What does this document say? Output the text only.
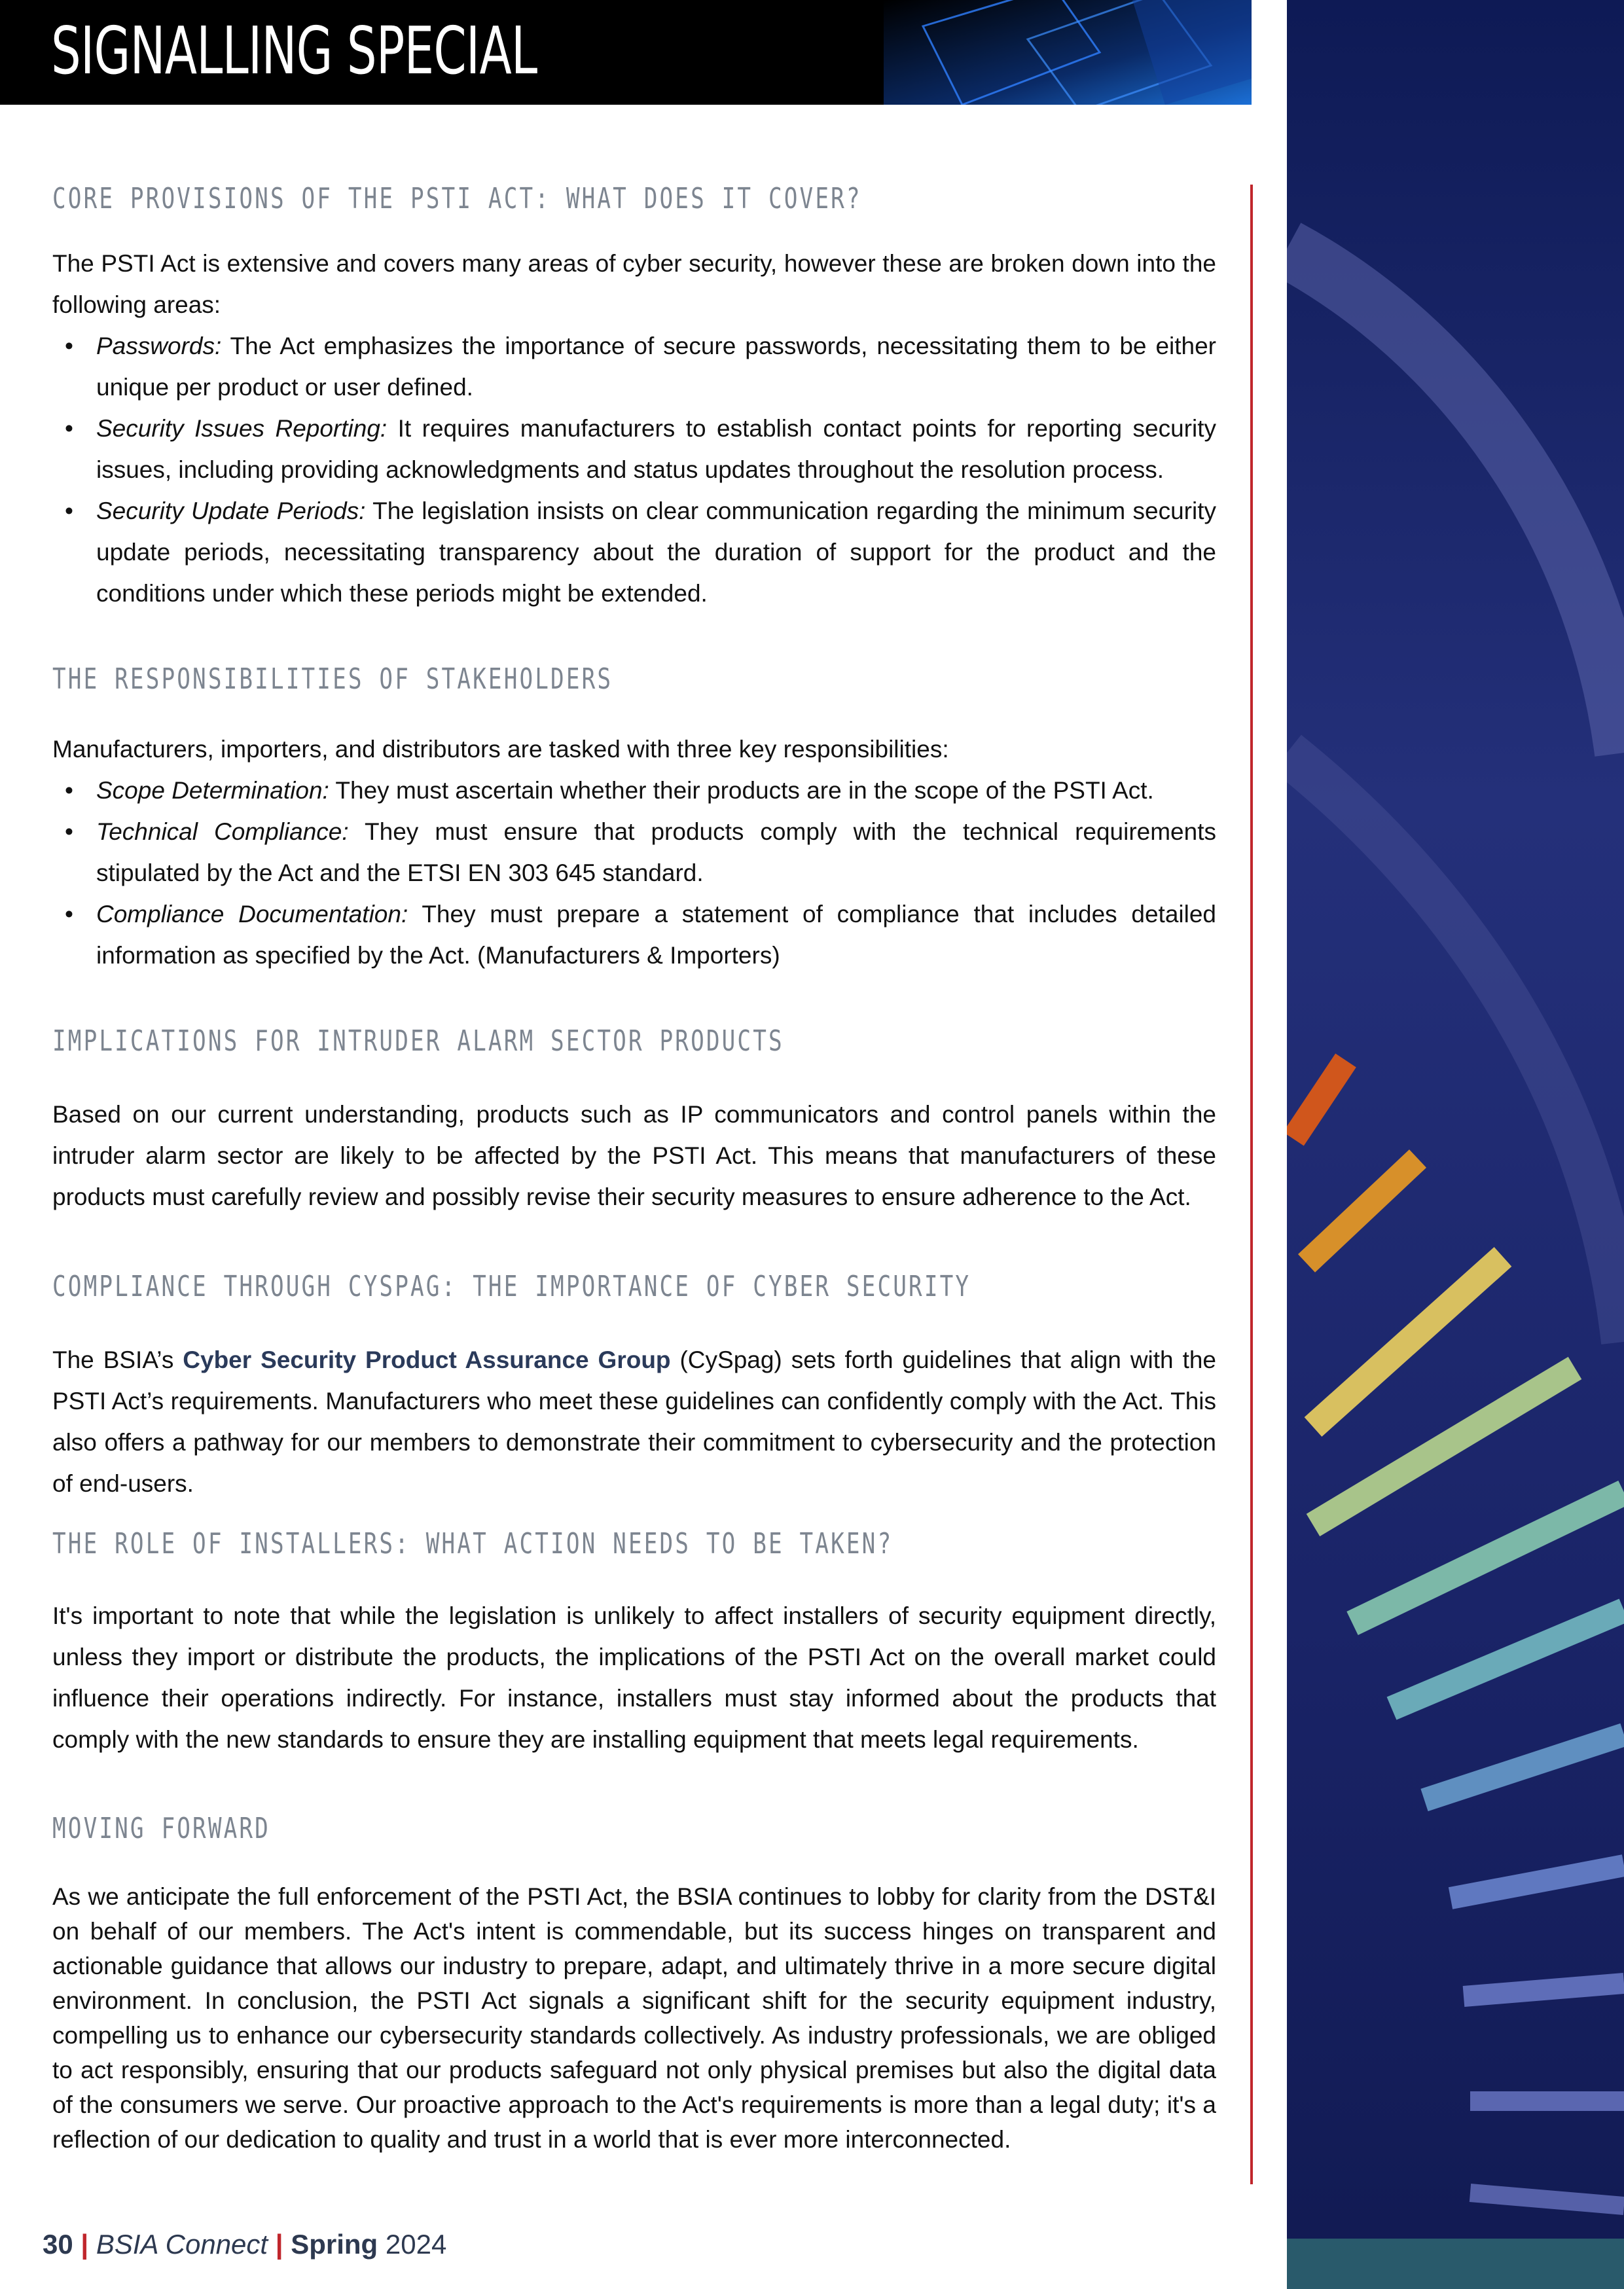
SIGNALLING SPECIAL
CORE PROVISIONS OF THE PSTI ACT: WHAT DOES IT COVER?

The PSTI Act is extensive and covers many areas of cyber security, however these are broken down into the following areas:

• Passwords: The Act emphasizes the importance of secure passwords, necessitating them to be either unique per product or user defined.
• Security Issues Reporting: It requires manufacturers to establish contact points for reporting security issues, including providing acknowledgments and status updates throughout the resolution process.
• Security Update Periods: The legislation insists on clear communication regarding the minimum security update periods, necessitating transparency about the duration of support for the product and the conditions under which these periods might be extended.
THE RESPONSIBILITIES OF STAKEHOLDERS

Manufacturers, importers, and distributors are tasked with three key responsibilities:

• Scope Determination: They must ascertain whether their products are in the scope of the PSTI Act.
• Technical Compliance: They must ensure that products comply with the technical requirements stipulated by the Act and the ETSI EN 303 645 standard.
• Compliance Documentation: They must prepare a statement of compliance that includes detailed information as specified by the Act. (Manufacturers & Importers)
IMPLICATIONS FOR INTRUDER ALARM SECTOR PRODUCTS

Based on our current understanding, products such as IP communicators and control panels within the intruder alarm sector are likely to be affected by the PSTI Act. This means that manufacturers of these products must carefully review and possibly revise their security measures to ensure adherence to the Act.

COMPLIANCE THROUGH CYSPAG: THE IMPORTANCE OF CYBER SECURITY

The BSIA’s Cyber Security Product Assurance Group (CySpag) sets forth guidelines that align with the PSTI Act’s requirements. Manufacturers who meet these guidelines can confidently comply with the Act. This also offers a pathway for our members to demonstrate their commitment to cybersecurity and the protection of end-users.

THE ROLE OF INSTALLERS: WHAT ACTION NEEDS TO BE TAKEN?

It's important to note that while the legislation is unlikely to affect installers of security equipment directly, unless they import or distribute the products, the implications of the PSTI Act on the overall market could influence their operations indirectly. For instance, installers must stay informed about the products that comply with the new standards to ensure they are installing equipment that meets legal requirements.

MOVING FORWARD

As we anticipate the full enforcement of the PSTI Act, the BSIA continues to lobby for clarity from the DST&I on behalf of our members. The Act's intent is commendable, but its success hinges on transparent and actionable guidance that allows our industry to prepare, adapt, and ultimately thrive in a more secure digital environment. In conclusion, the PSTI Act signals a significant shift for the security equipment industry, compelling us to enhance our cybersecurity standards collectively. As industry professionals, we are obliged to act responsibly, ensuring that our products safeguard not only physical premises but also the digital data of the consumers we serve. Our proactive approach to the Act's requirements is more than a legal duty; it's a reflection of our dedication to quality and trust in a world that is ever more interconnected.

30 | BSIA Connect | Spring 2024
